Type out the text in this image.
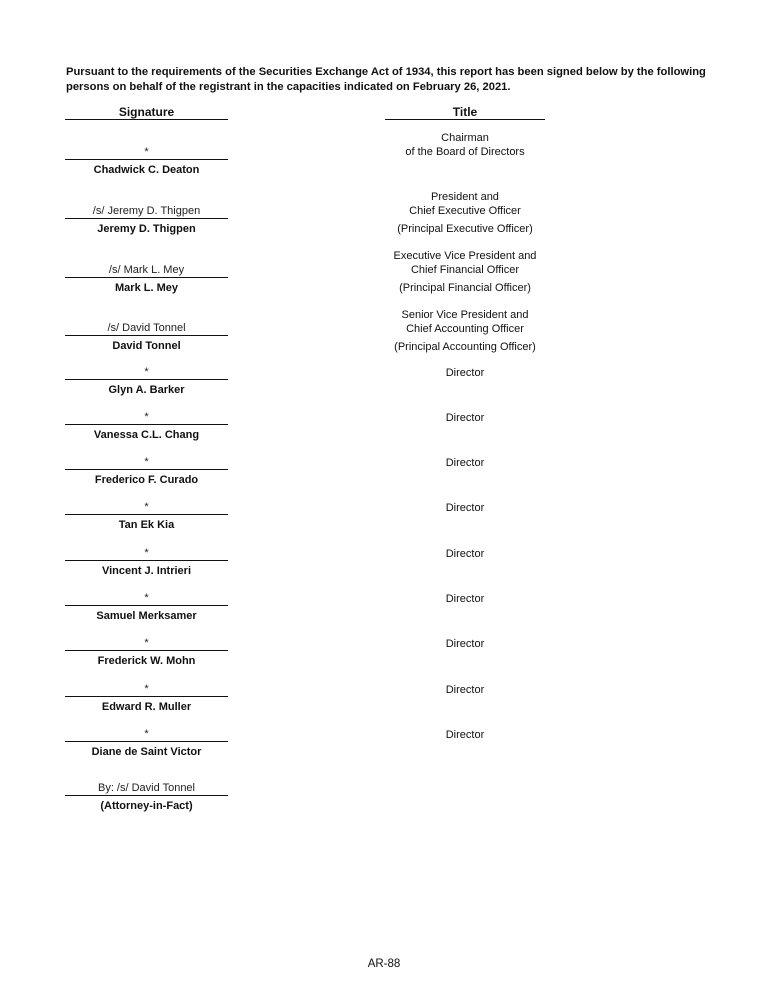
Pursuant to the requirements of the Securities Exchange Act of 1934, this report has been signed below by the following persons on behalf of the registrant in the capacities indicated on February 26, 2021.
Signature	Title
*
Chadwick C. Deaton
Chairman
of the Board of Directors
/s/ Jeremy D. Thigpen
Jeremy D. Thigpen
President and
Chief Executive Officer
(Principal Executive Officer)
/s/ Mark L. Mey
Mark L. Mey
Executive Vice President and
Chief Financial Officer
(Principal Financial Officer)
/s/ David Tonnel
David Tonnel
Senior Vice President and
Chief Accounting Officer
(Principal Accounting Officer)
*
Glyn A. Barker
Director
*
Vanessa C.L. Chang
Director
*
Frederico F. Curado
Director
*
Tan Ek Kia
Director
*
Vincent J. Intrieri
Director
*
Samuel Merksamer
Director
*
Frederick W. Mohn
Director
*
Edward R. Muller
Director
*
Diane de Saint Victor
Director
By: /s/ David Tonnel
(Attorney-in-Fact)
AR-88
